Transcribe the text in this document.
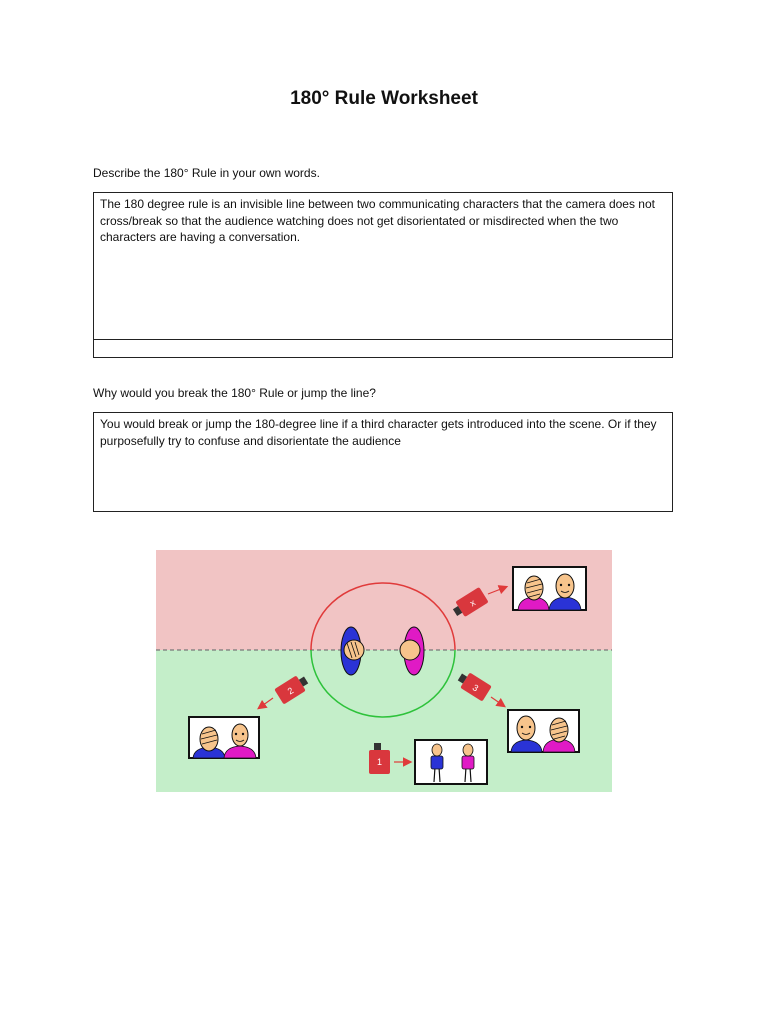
180° Rule Worksheet
Describe the 180° Rule in your own words.
The 180 degree rule is an invisible line between two communicating characters that the camera does not cross/break so that the audience watching does not get disorientated or misdirected when the two characters are having a conversation.
Why would you break the 180° Rule or jump the line?
You would break or jump the 180-degree line if a third character gets introduced into the scene. Or if they purposefully try to confuse and disorientate the audience
x
2	3
1
